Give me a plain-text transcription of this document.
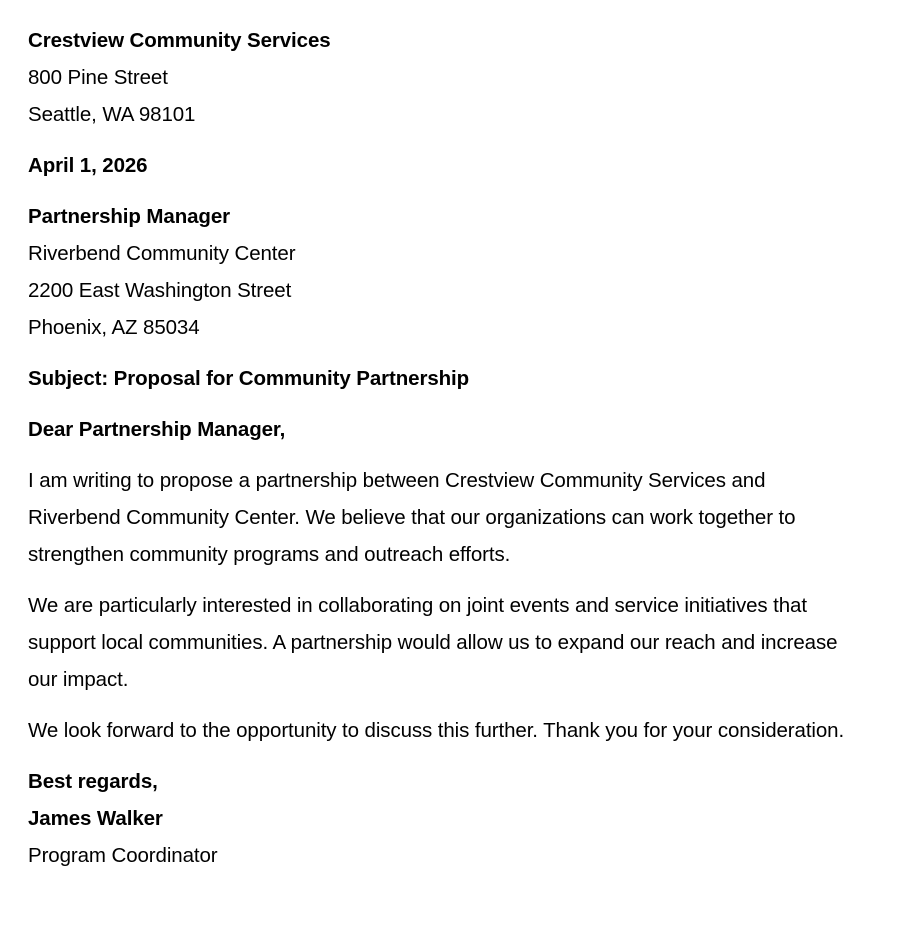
Crestview Community Services
800 Pine Street
Seattle, WA 98101
April 1, 2026
Partnership Manager
Riverbend Community Center
2200 East Washington Street
Phoenix, AZ 85034
Subject: Proposal for Community Partnership
Dear Partnership Manager,

I am writing to propose a partnership between Crestview Community Services and Riverbend Community Center. We believe that our organizations can work together to strengthen community programs and outreach efforts.

We are particularly interested in collaborating on joint events and service initiatives that support local communities. A partnership would allow us to expand our reach and increase our impact.

We look forward to the opportunity to discuss this further. Thank you for your consideration.

Best regards,
James Walker
Program Coordinator
